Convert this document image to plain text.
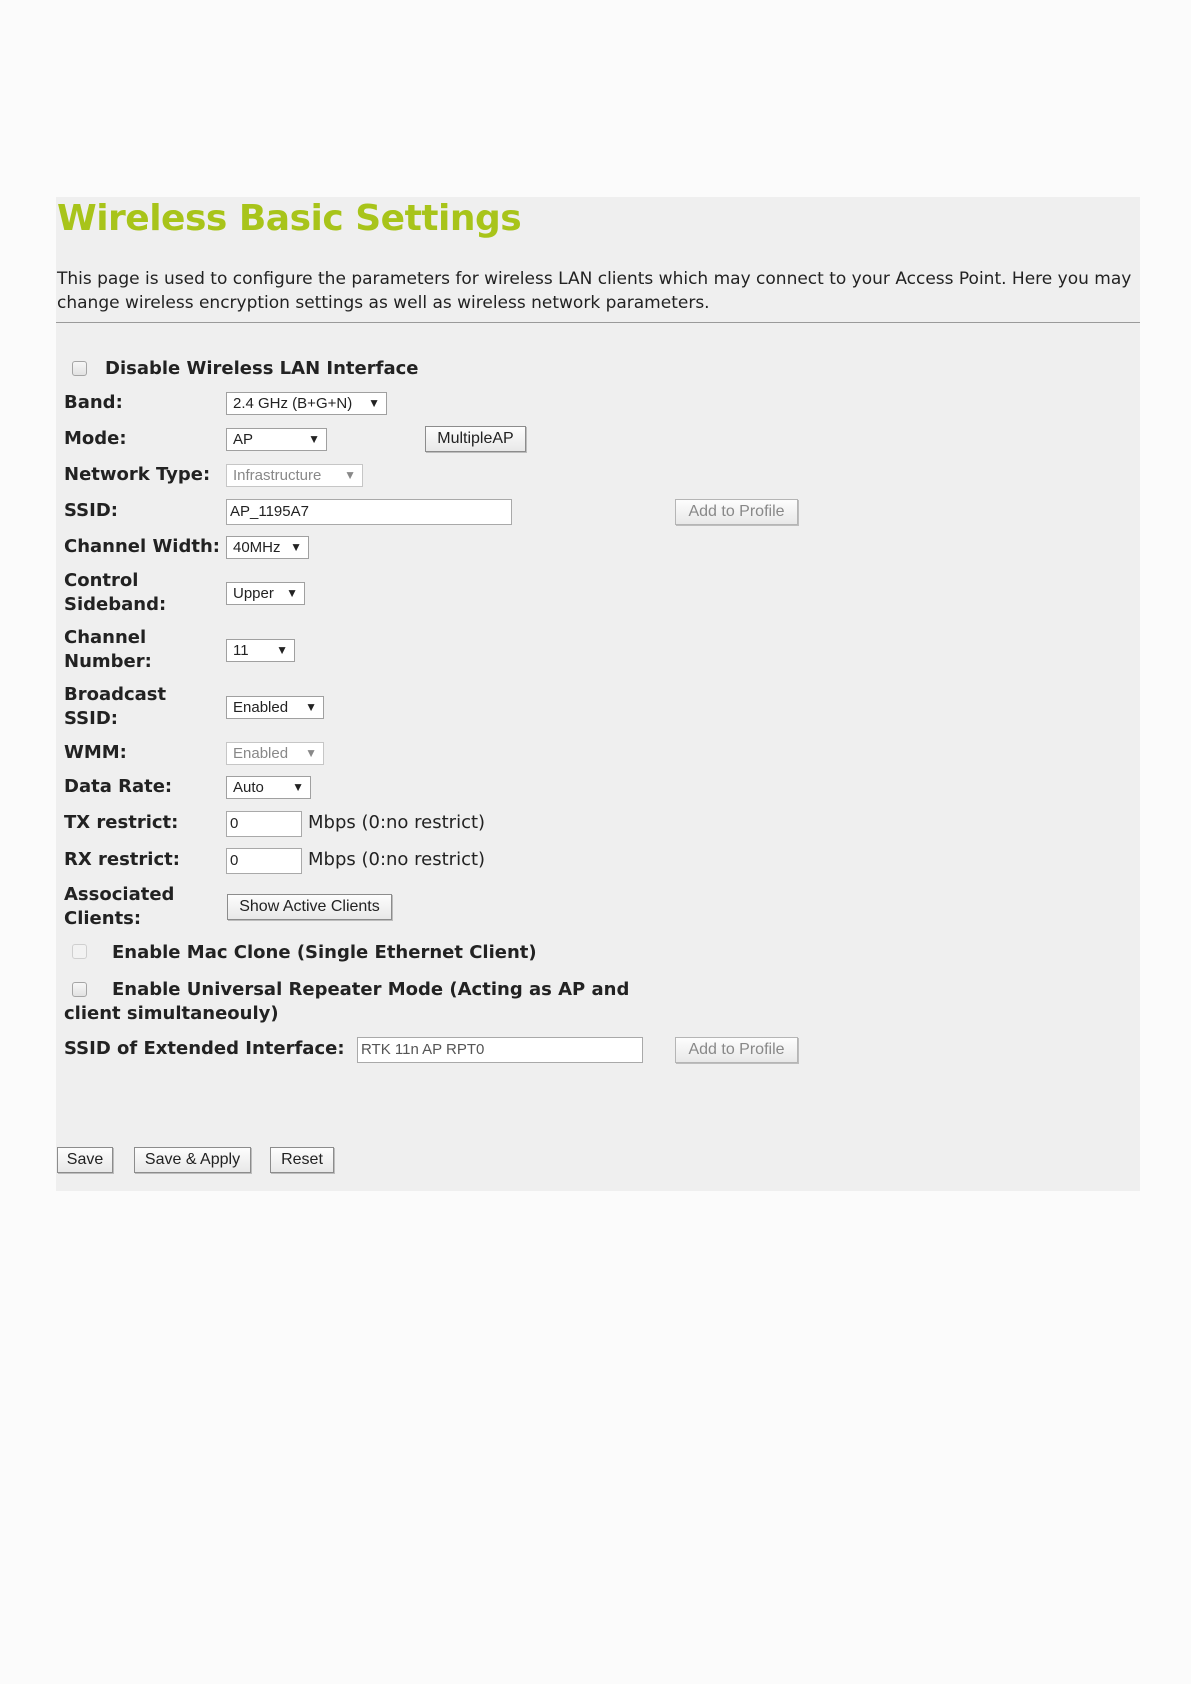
Wireless Basic Settings

This page is used to configure the parameters for wireless LAN clients which may connect to your Access Point. Here you may change wireless encryption settings as well as wireless network parameters.

Disable Wireless LAN Interface
Band:	2.4 GHz (B+G+N) ▼
Mode:	AP	▼	MultipleAP
Network Type:	Infrastructure ▼
SSID:	AP_1195A7	Add to Profile
Channel Width: 40MHz ▼
Control
Sideband:
Upper ▼
Channel
Number:
11 ▼
Broadcast
SSID:
Enabled ▼
WMM:	Enabled ▼
Data Rate:	Auto ▼
TX restrict:	0	Mbps (0:no restrict)
RX restrict:	0	Mbps (0:no restrict)
Associated
Clients:
Show Active Clients
Enable Mac Clone (Single Ethernet Client)
Enable Universal Repeater Mode (Acting as AP and
client simultaneouly)
SSID of Extended Interface: RTK 11n AP RPT0	Add to Profile
Save	Save & Apply	Reset
